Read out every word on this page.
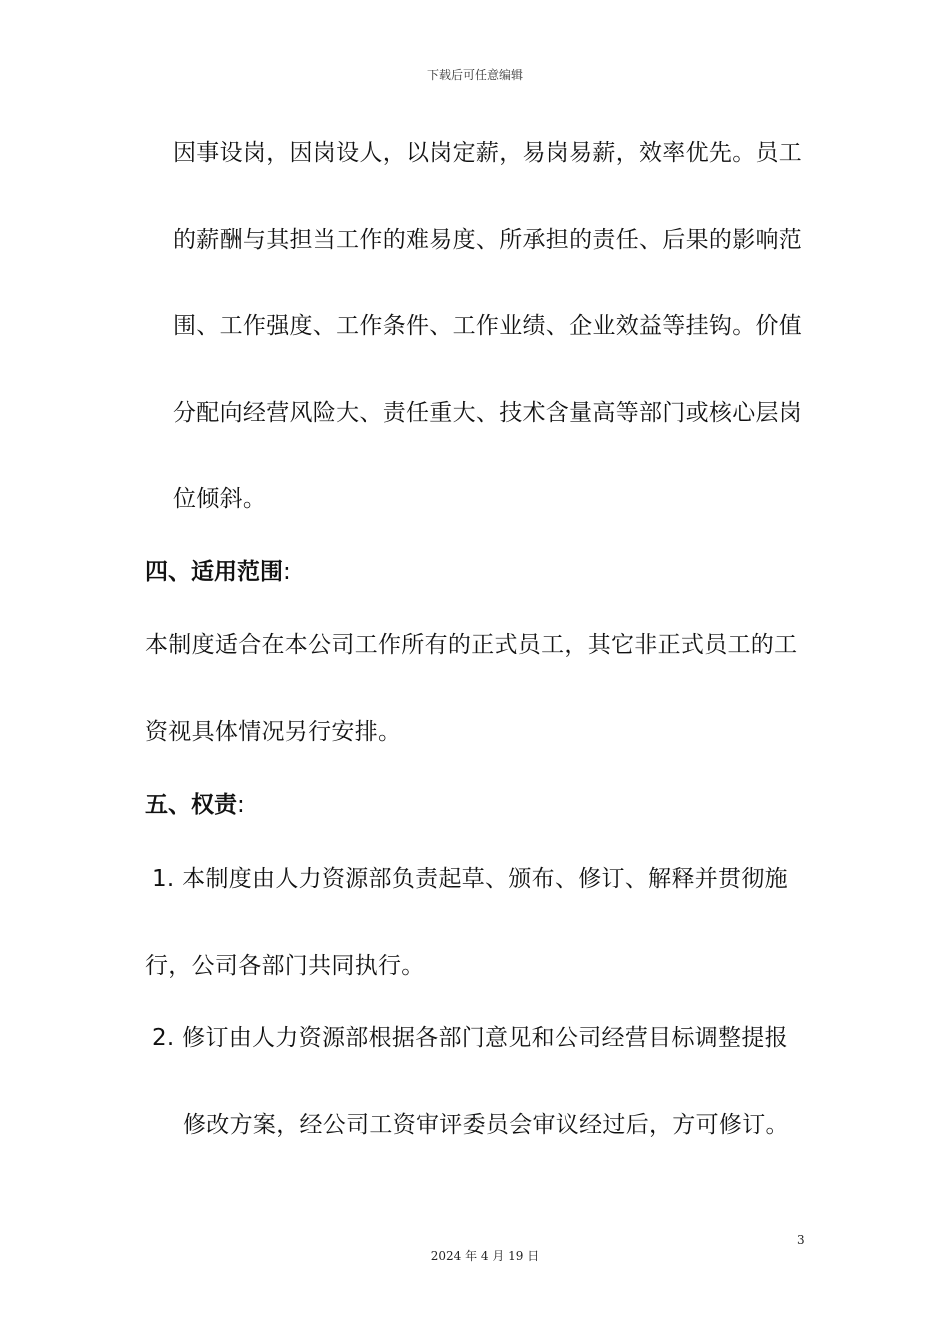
下载后可任意编辑
因事设岗，因岗设人，以岗定薪，易岗易薪，效率优先。员工
的薪酬与其担当工作的难易度、所承担的责任、后果的影响范
围、工作强度、工作条件、工作业绩、企业效益等挂钩。价值
分配向经营风险大、责任重大、技术含量高等部门或核心层岗
位倾斜。
四、适用范围:
本制度适合在本公司工作所有的正式员工，其它非正式员工的工
资视具体情况另行安排。
五、权责:
1. 本制度由人力资源部负责起草、颁布、修订、解释并贯彻施
行，公司各部门共同执行。
2. 修订由人力资源部根据各部门意见和公司经营目标调整提报
修改方案，经公司工资审评委员会审议经过后，方可修订。
3
2024 年 4 月 19 日
